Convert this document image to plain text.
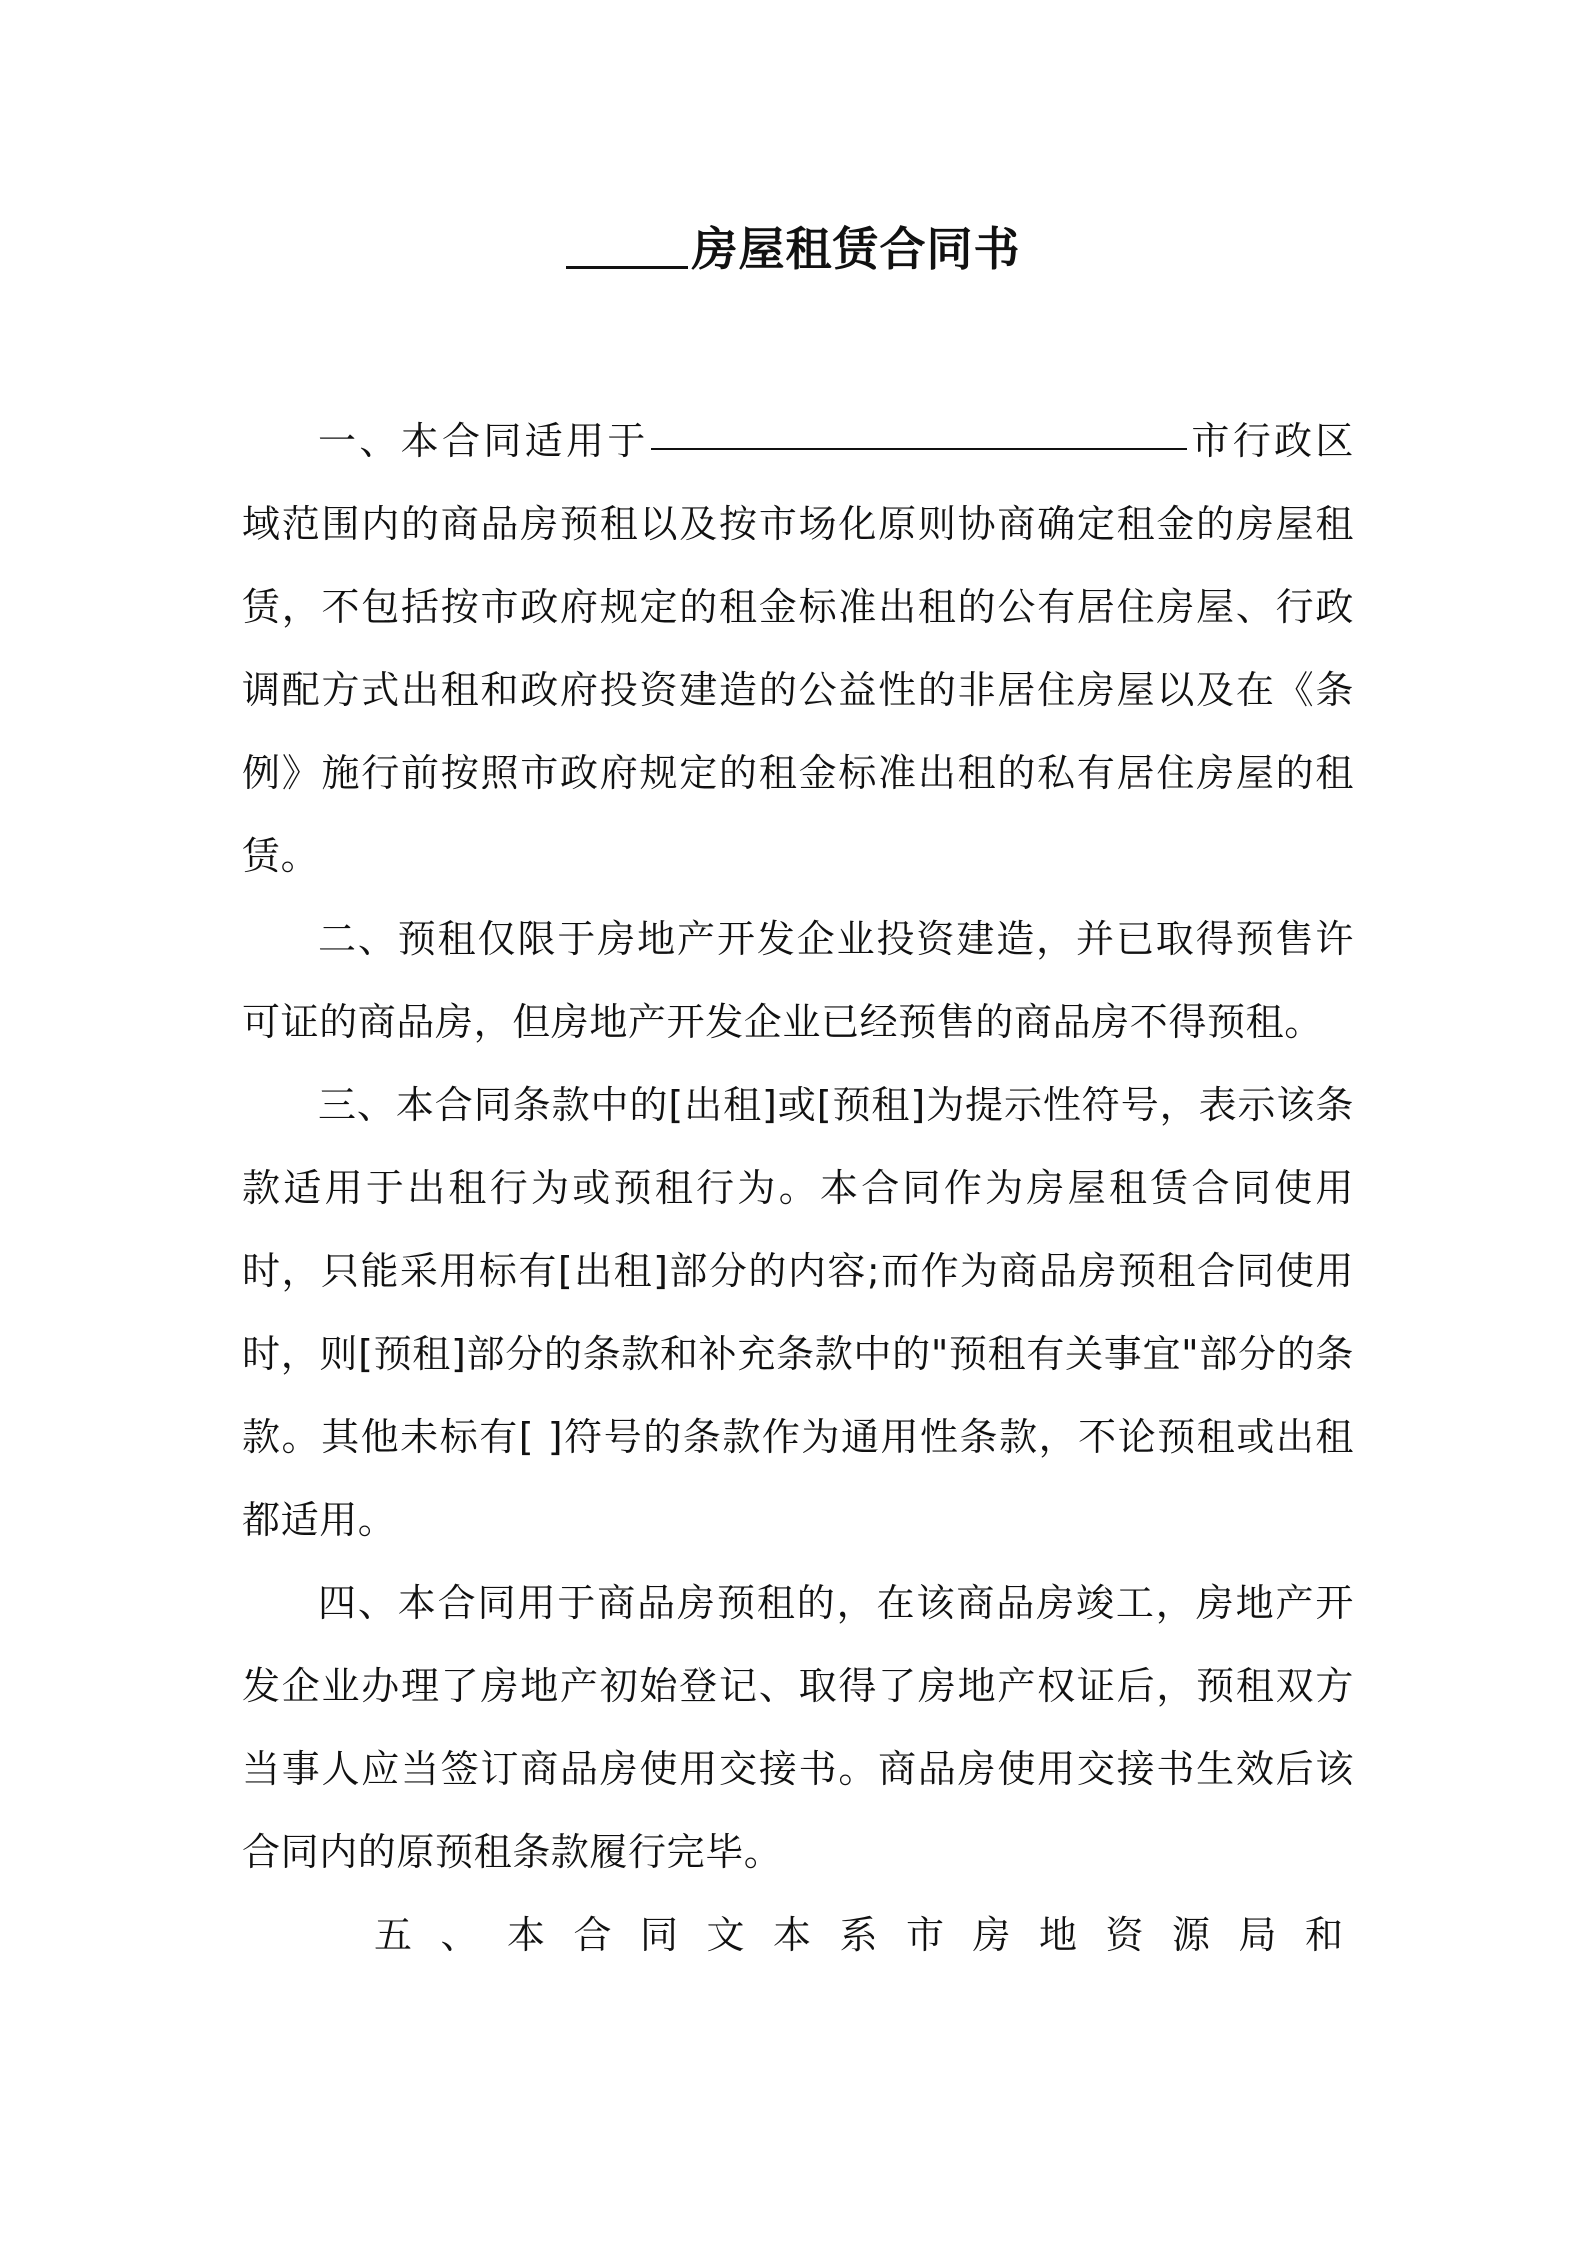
房屋租赁合同书

一、本合同适用于	市行政区域范围内的商品房预租以及按市场化原则协商确定租金的房屋租赁，不包括按市政府规定的租金标准出租的公有居住房屋、行政调配方式出租和政府投资建造的公益性的非居住房屋以及在《条例》施行前按照市政府规定的租金标准出租的私有居住房屋的租赁。

二、预租仅限于房地产开发企业投资建造，并已取得预售许可证的商品房，但房地产开发企业已经预售的商品房不得预租。

三、本合同条款中的[出租]或[预租]为提示性符号，表示该条款适用于出租行为或预租行为。本合同作为房屋租赁合同使用时，只能采用标有[出租]部分的内容;而作为商品房预租合同使用时，则[预租]部分的条款和补充条款中的"预租有关事宜"部分的条款。其他未标有[ ]符号的条款作为通用性条款，不论预租或出租都适用。

四、本合同用于商品房预租的，在该商品房竣工，房地产开发企业办理了房地产初始登记、取得了房地产权证后，预租双方当事人应当签订商品房使用交接书。商品房使用交接书生效后该合同内的原预租条款履行完毕。

五、本合同文本系市房地资源局和
